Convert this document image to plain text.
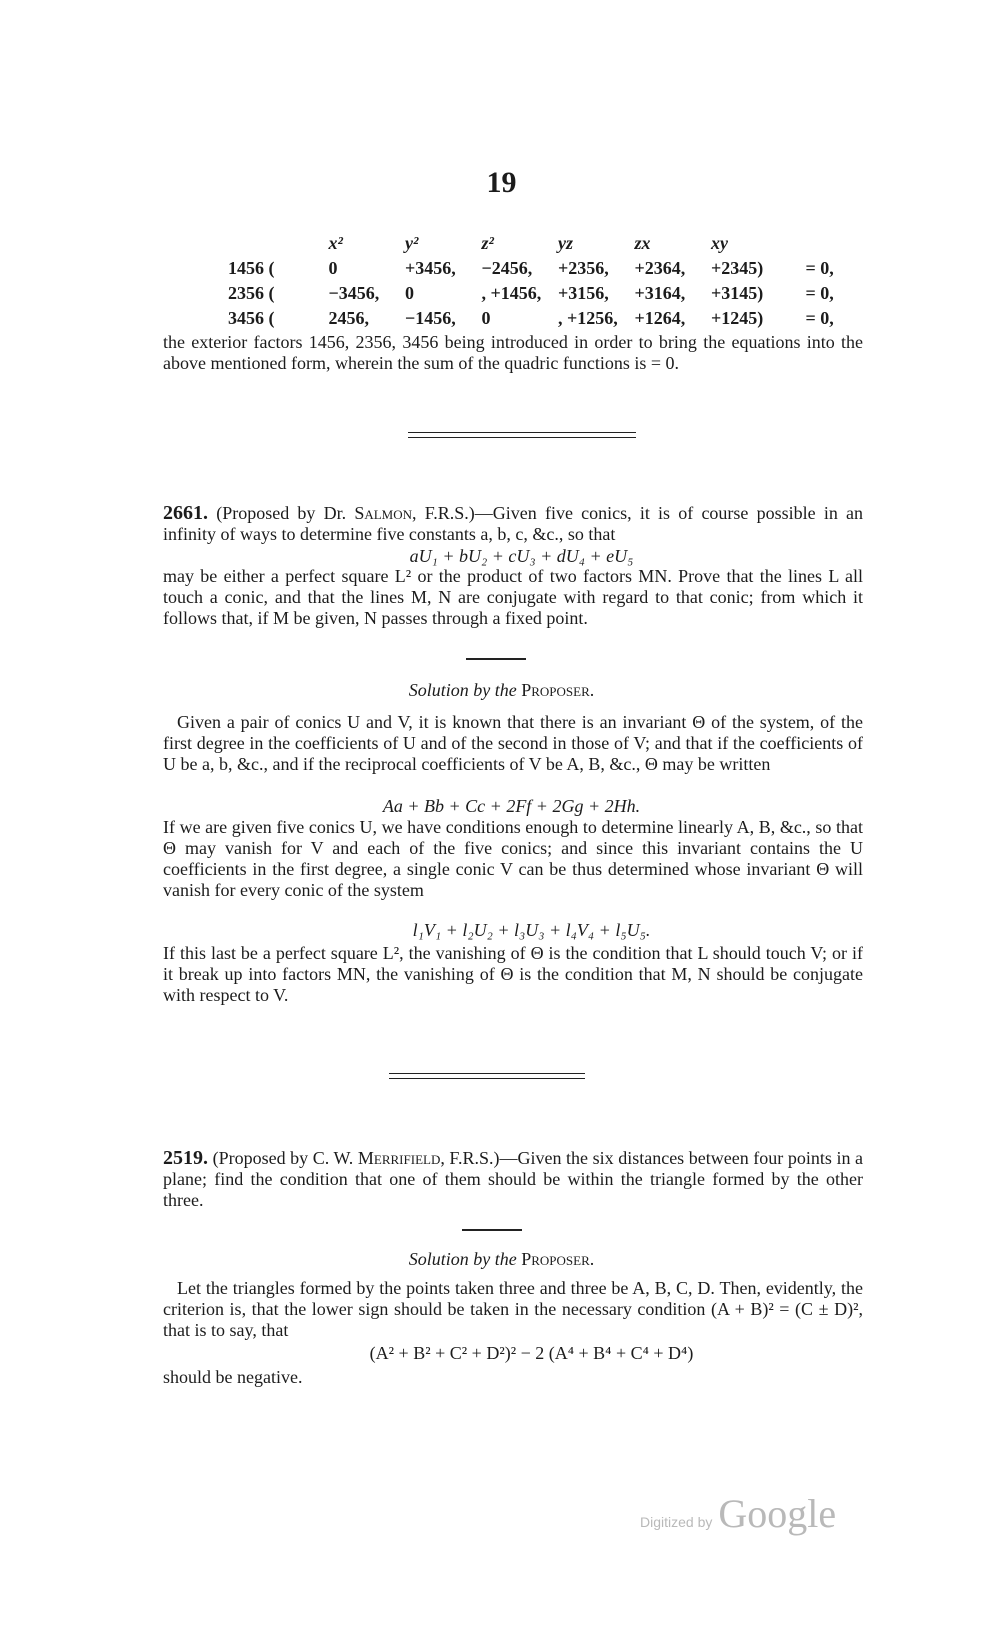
19
x²	y²	z²	yz	zx	xy
1456 (	0	+3456, −2456, +2356, +2364, +2345) = 0,
2356 (	−3456, 0	, +1456, +3156, +3164, +3145) = 0,
3456 (	2456, −1456, 0	, +1256, +1264, +1245) = 0,
the exterior factors 1456, 2356, 3456 being introduced in order to bring the equations into the above mentioned form, wherein the sum of the quadric functions is = 0.
2661. (Proposed by Dr. Salmon, F.R.S.)—Given five conics, it is of course possible in an infinity of ways to determine five constants a, b, c, &c., so that
aU₁ + bU₂ + cU₃ + dU₄ + eU₅
may be either a perfect square L² or the product of two factors MN. Prove that the lines L all touch a conic, and that the lines M, N are conjugate with regard to that conic; from which it follows that, if M be given, N passes through a fixed point.
Solution by the Proposer.
Given a pair of conics U and V, it is known that there is an invariant Θ of the system, of the first degree in the coefficients of U and of the second in those of V; and that if the coefficients of U be a, b, &c., and if the reciprocal coefficients of V be A, B, &c., Θ may be written
Aa + Bb + Cc + 2Ff + 2Gg + 2Hh.
If we are given five conics U, we have conditions enough to determine linearly A, B, &c., so that Θ may vanish for V and each of the five conics; and since this invariant contains the U coefficients in the first degree, a single conic V can be thus determined whose invariant Θ will vanish for every conic of the system
l₁V₁ + l₂U₂ + l₃U₃ + l₄V₄ + l₅U₅.
If this last be a perfect square L², the vanishing of Θ is the condition that L should touch V; or if it break up into factors MN, the vanishing of Θ is the condition that M, N should be conjugate with respect to V.
2519. (Proposed by C. W. Merrifield, F.R.S.)—Given the six distances between four points in a plane; find the condition that one of them should be within the triangle formed by the other three.
Solution by the Proposer.
Let the triangles formed by the points taken three and three be A, B, C, D. Then, evidently, the criterion is, that the lower sign should be taken in the necessary condition (A + B)² = (C ± D)², that is to say, that
(A² + B² + C² + D²)² − 2 (A⁴ + B⁴ + C⁴ + D⁴)
should be negative.
Digitized by Google
